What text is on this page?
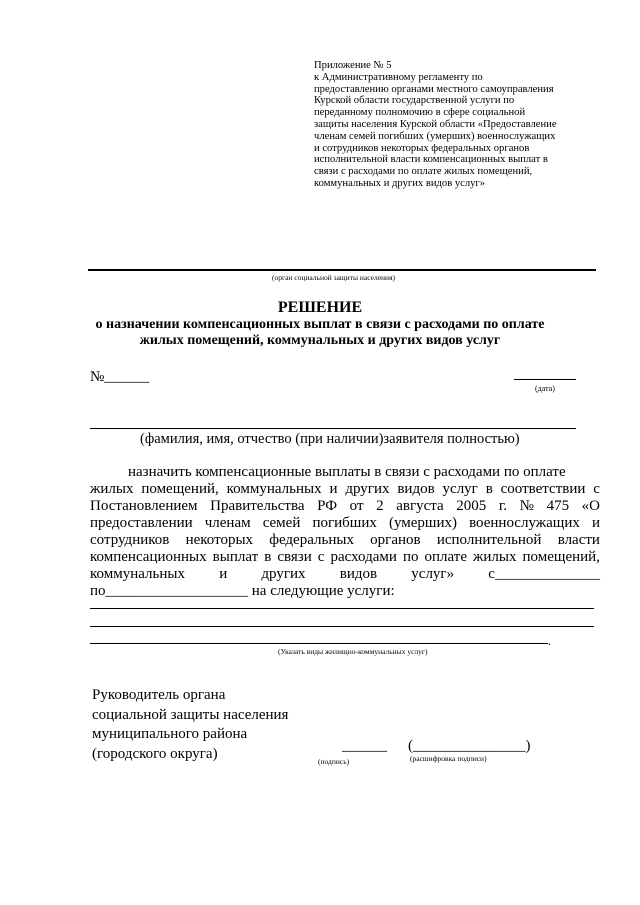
Приложение № 5
к Административному регламенту по
предоставлению органами местного самоуправления
Курской области государственной услуги по
переданному полномочию в сфере социальной
защиты населения Курской области «Предоставление
членам семей погибших (умерших) военнослужащих
и сотрудников некоторых федеральных органов
исполнительной власти компенсационных выплат в
связи с расходами по оплате жилых помещений,
коммунальных и других видов услуг»
(орган социальной защиты населения)
РЕШЕНИЕ
о назначении компенсационных выплат в связи с расходами по оплате
жилых помещений, коммунальных и других видов услуг
№______
(дата)
(фамилия, имя, отчество (при наличии)заявителя полностью)
назначить компенсационные выплаты в связи с расходами по оплате
жилых помещений, коммунальных и других видов услуг в соответствии с
Постановлением Правительства РФ от 2 августа 2005 г. № 475 «О
предоставлении членам семей погибших (умерших) военнослужащих и
сотрудников некоторых федеральных органов исполнительной власти
компенсационных выплат в связи с расходами по оплате жилых помещений,
коммунальных и других видов услуг» с______________
по___________________ на следующие услуги:
.
(Указать виды жилищно-коммунальных услуг)
Руководитель органа
социальной защиты населения
муниципального района
(городского округа)	______ (_______________)
(подпись)	(расшифровка подписи)
